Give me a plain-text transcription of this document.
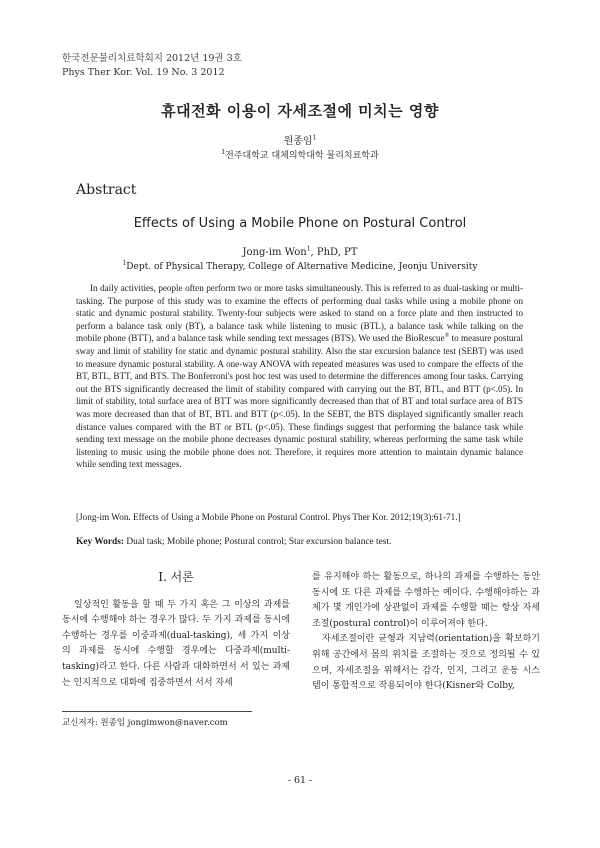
한국전문물리치료학회지 2012년 19권 3호
Phys Ther Kor. Vol. 19 No. 3 2012
휴대전화 이용이 자세조절에 미치는 영향
원종임$^1$
$^1$전주대학교 대체의학대학 물리치료학과
Abstract
Effects of Using a Mobile Phone on Postural Control
Jong-im Won$^1$, PhD, PT
$^1$Dept. of Physical Therapy, College of Alternative Medicine, Jeonju University
In daily activities, people often perform two or more tasks simultaneously. This is referred to as dual-tasking or multi-tasking. The purpose of this study was to examine the effects of performing dual tasks while using a mobile phone on static and dynamic postural stability. Twenty-four subjects were asked to stand on a force plate and then instructed to perform a balance task only (BT), a balance task while listening to music (BTL), a balance task while talking on the mobile phone (BTT), and a balance task while sending text messages (BTS). We used the BioRescue® to measure postural sway and limit of stability for static and dynamic postural stability. Also the star excursion balance test (SEBT) was used to measure dynamic postural stability. A one-way ANOVA with repeated measures was used to compare the effects of the BT, BTL, BTT, and BTS. The Bonferroni's post hoc test was used to determine the differences among four tasks. Carrying out the BTS significantly decreased the limit of stability compared with carrying out the BT, BTL, and BTT (p<.05). In limit of stability, total surface area of BTT was more significantly decreased than that of BT and total surface area of BTS was more decreased than that of BT, BTL and BTT (p<.05). In the SEBT, the BTS displayed significantly smaller reach distance values compared with the BT or BTL (p<.05). These findings suggest that performing the balance task while sending text message on the mobile phone decreases dynamic postural stability, whereas performing the same task while listening to music using the mobile phone does not. Therefore, it requires more attention to maintain dynamic balance while sending text messages.
[Jong-im Won. Effects of Using a Mobile Phone on Postural Control. Phys Ther Kor. 2012;19(3):61-71.]
Key Words: Dual task; Mobile phone; Postural control; Star excursion balance test.
Ⅰ. 서론

일상적인 활동을 할 때 두 가지 혹은 그 이상의 과제를 동시에 수행해야 하는 경우가 많다. 두 가지 과제를 동시에 수행하는 경우를 이중과제(dual-tasking), 세 가지 이상의 과제를 동시에 수행할 경우에는 다중과제(multi-tasking)라고 한다. 다른 사람과 대화하면서 서 있는 과제는 인지적으로 대화에 집중하면서 서서 자세

를 유지해야 하는 활동으로, 하나의 과제를 수행하는 동안 동시에 또 다른 과제를 수행하는 예이다. 수행해야하는 과제가 몇 개인가에 상관없이 과제를 수행할 때는 항상 자세조절(postural control)이 이루어져야 한다.

자세조절이란 균형과 지남력(orientation)을 확보하기 위해 공간에서 몸의 위치를 조절하는 것으로 정의될 수 있으며, 자세조절을 위해서는 감각, 인지, 그리고 운동 시스템이 통합적으로 작용되어야 한다(Kisner와 Colby,

교신저자: 원종임 jongimwon@naver.com
- 61 -
